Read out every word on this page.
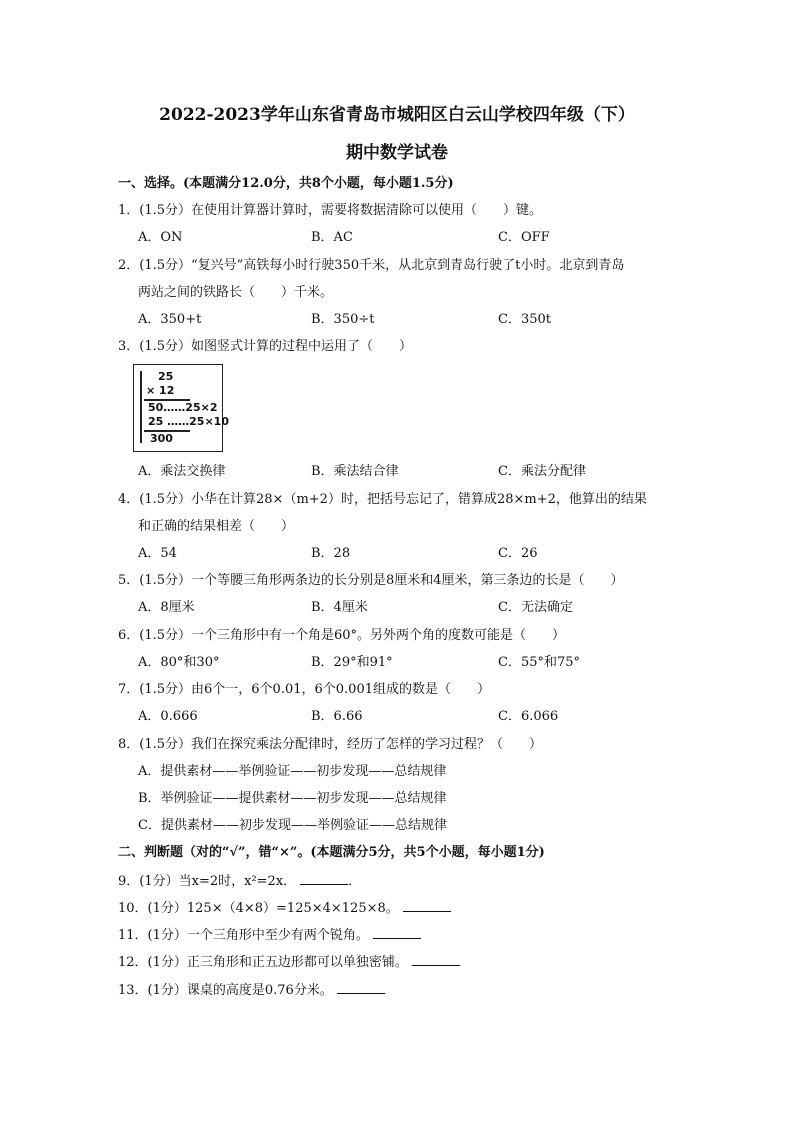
2022-2023学年山东省青岛市城阳区白云山学校四年级（下）
期中数学试卷
一、选择。(本题满分12.0分，共8个小题，每小题1.5分)
1．(1.5分）在使用计算器计算时，需要将数据清除可以使用（　　）键。
A．ON	B．AC	C．OFF
2．(1.5分）“复兴号”高铁每小时行驶350千米，从北京到青岛行驶了t小时。北京到青岛
两站之间的铁路长（　　）千米。
A．350+t	B．350÷t	C．350t
3．(1.5分）如图竖式计算的过程中运用了（　　）
25
× 12
50……25×2
25 ……25×10
300
A．乘法交换律	B．乘法结合律	C．乘法分配律
4．(1.5分）小华在计算28×（m+2）时，把括号忘记了，错算成28×m+2，他算出的结果
和正确的结果相差（　　）
A．54	B．28	C．26
5．(1.5分）一个等腰三角形两条边的长分别是8厘米和4厘米，第三条边的长是（　　）
A．8厘米	B．4厘米	C．无法确定
6．(1.5分）一个三角形中有一个角是60°。另外两个角的度数可能是（　　）
A．80°和30°	B．29°和91°	C．55°和75°
7．(1.5分）由6个一，6个0.01，6个0.001组成的数是（　　）
A．0.666	B．6.66	C．6.066
8．(1.5分）我们在探究乘法分配律时，经历了怎样的学习过程？（　　）
A．提供素材——举例验证——初步发现——总结规律
B．举例验证——提供素材——初步发现——总结规律
C．提供素材——初步发现——举例验证——总结规律
二、判断题（对的“√”，错“×”。(本题满分5分，共5个小题，每小题1分)
9．(1分）当x=2时，x²=2x．	．
10．(1分）125×（4×8）=125×4×125×8。
11．(1分）一个三角形中至少有两个锐角。
12．(1分）正三角形和正五边形都可以单独密铺。
13．(1分）课桌的高度是0.76分米。
